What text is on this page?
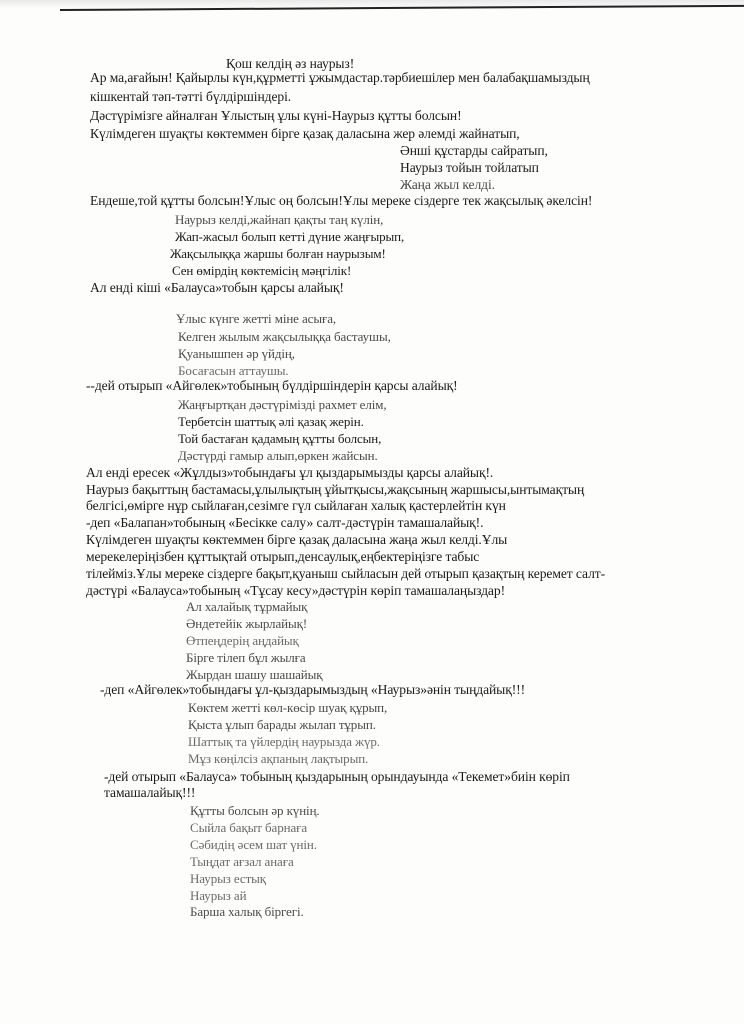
Қош келдің әз наурыз!
Ар ма,ағайын! Қайырлы күн,құрметті ұжымдастар.тәрбиешілер мен балабақшамыздың
кішкентай тәп-тәтті бүлдіршіндері.
Дәстүрімізге айналған Ұлыстың ұлы күні-Наурыз құтты болсын!
Күлімдеген шуақты көктеммен бірге қазақ даласына жер әлемді жайнатып,
Әнші құстарды сайратып,
Наурыз тойын тойлатып
Жаңа жыл келді.
Ендеше,той құтты болсын!Ұлыс оң болсын!Ұлы мереке сіздерге тек жақсылық әкелсін!
Наурыз келді,жайнап қақты таң күлін,
Жап-жасыл болып кетті дүние жаңғырып,
Жақсылыққа жаршы болған наурызым!
Сен өмірдің көктемісің мәңгілік!
Ал енді кіші «Балауса»тобын қарсы алайық!
Ұлыс күнге жетті міне асыға,
Келген жылым жақсылыққа бастаушы,
Қуанышпен әр үйдің,
Босағасын аттаушы.
--дей отырып «Айгөлек»тобының бүлдіршіндерін қарсы алайық!
Жаңғыртқан дәстүрімізді рахмет елім,
Тербетсін шаттық әлі қазақ жерін.
Той бастаған қадамың құтты болсын,
Дәстүрді гамыр алып,өркен жайсын.
Ал енді ересек «Жұлдыз»тобындағы ұл қыздарымызды қарсы алайық!.
Наурыз бақыттың бастамасы,ұлылықтың ұйытқысы,жақсының жаршысы,ынтымақтың
белгісі,өмірге нұр сыйлаған,сезімге гүл сыйлаған халық қастерлейтін күн
-деп «Балапан»тобының «Бесікке салу» салт-дәстүрін тамашалайық!.
Күлімдеген шуақты көктеммен бірге қазақ даласына жаңа жыл келді.Ұлы
мерекелеріңізбен құттықтай отырып,денсаулық,еңбектеріңізге табыс
тілейміз.Ұлы мереке сіздерге бақыт,қуаныш сыйласын дей отырып қазақтың керемет салт-
дәстүрі «Балауса»тобының «Тұсау кесу»дәстүрін көріп тамашалаңыздар!
Ал халайық тұрмайық
Әндетейік жырлайық!
Өтпеңдерің аңдайық
Бірге тілеп бұл жылға
Жырдан шашу шашайық
-деп «Айгөлек»тобындағы ұл-қыздарымыздың «Наурыз»әнін тыңдайық!!!
Көктем жетті көл-көсір шуақ құрып,
Қыста ұлып барады жылап тұрып.
Шаттық та үйлердің наурызда жүр.
Мұз көңілсіз ақпаның лақтырып.
-дей отырып «Балауса» тобының қыздарының орындауында «Текемет»биін көріп
тамашалайық!!!
Құтты болсын әр күнің.
Сыйла бақыт барнаға
Сәбидің әсем шат үнін.
Тыңдат ағзал анаға
Наурыз естық
Наурыз ай
Барша халық біргегі.
